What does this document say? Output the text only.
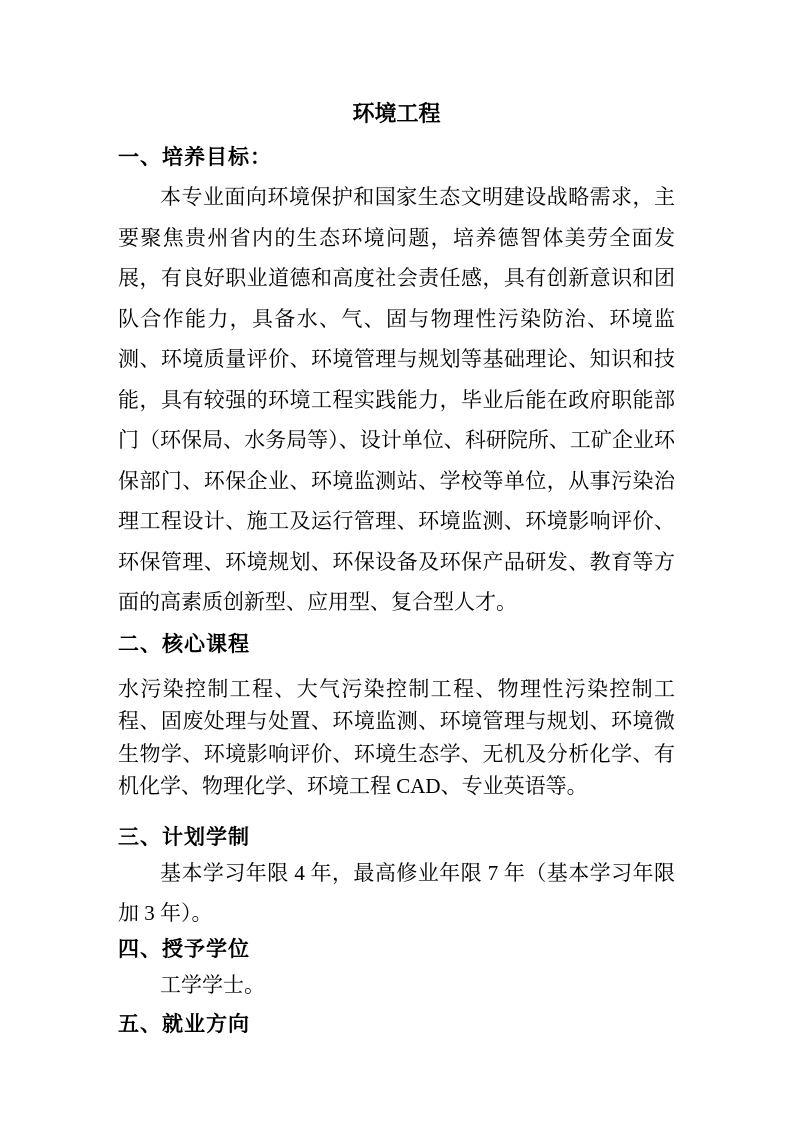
环境工程
一、培养目标：

本专业面向环境保护和国家生态文明建设战略需求，主要聚焦贵州省内的生态环境问题，培养德智体美劳全面发展，有良好职业道德和高度社会责任感，具有创新意识和团队合作能力，具备水、气、固与物理性污染防治、环境监测、环境质量评价、环境管理与规划等基础理论、知识和技能，具有较强的环境工程实践能力，毕业后能在政府职能部门（环保局、水务局等）、设计单位、科研院所、工矿企业环保部门、环保企业、环境监测站、学校等单位，从事污染治理工程设计、施工及运行管理、环境监测、环境影响评价、环保管理、环境规划、环保设备及环保产品研发、教育等方面的高素质创新型、应用型、复合型人才。

二、核心课程

水污染控制工程、大气污染控制工程、物理性污染控制工程、固废处理与处置、环境监测、环境管理与规划、环境微生物学、环境影响评价、环境生态学、无机及分析化学、有机化学、物理化学、环境工程 CAD、专业英语等。

三、计划学制

基本学习年限 4 年，最高修业年限 7 年（基本学习年限加 3 年）。

四、授予学位

工学学士。

五、就业方向
